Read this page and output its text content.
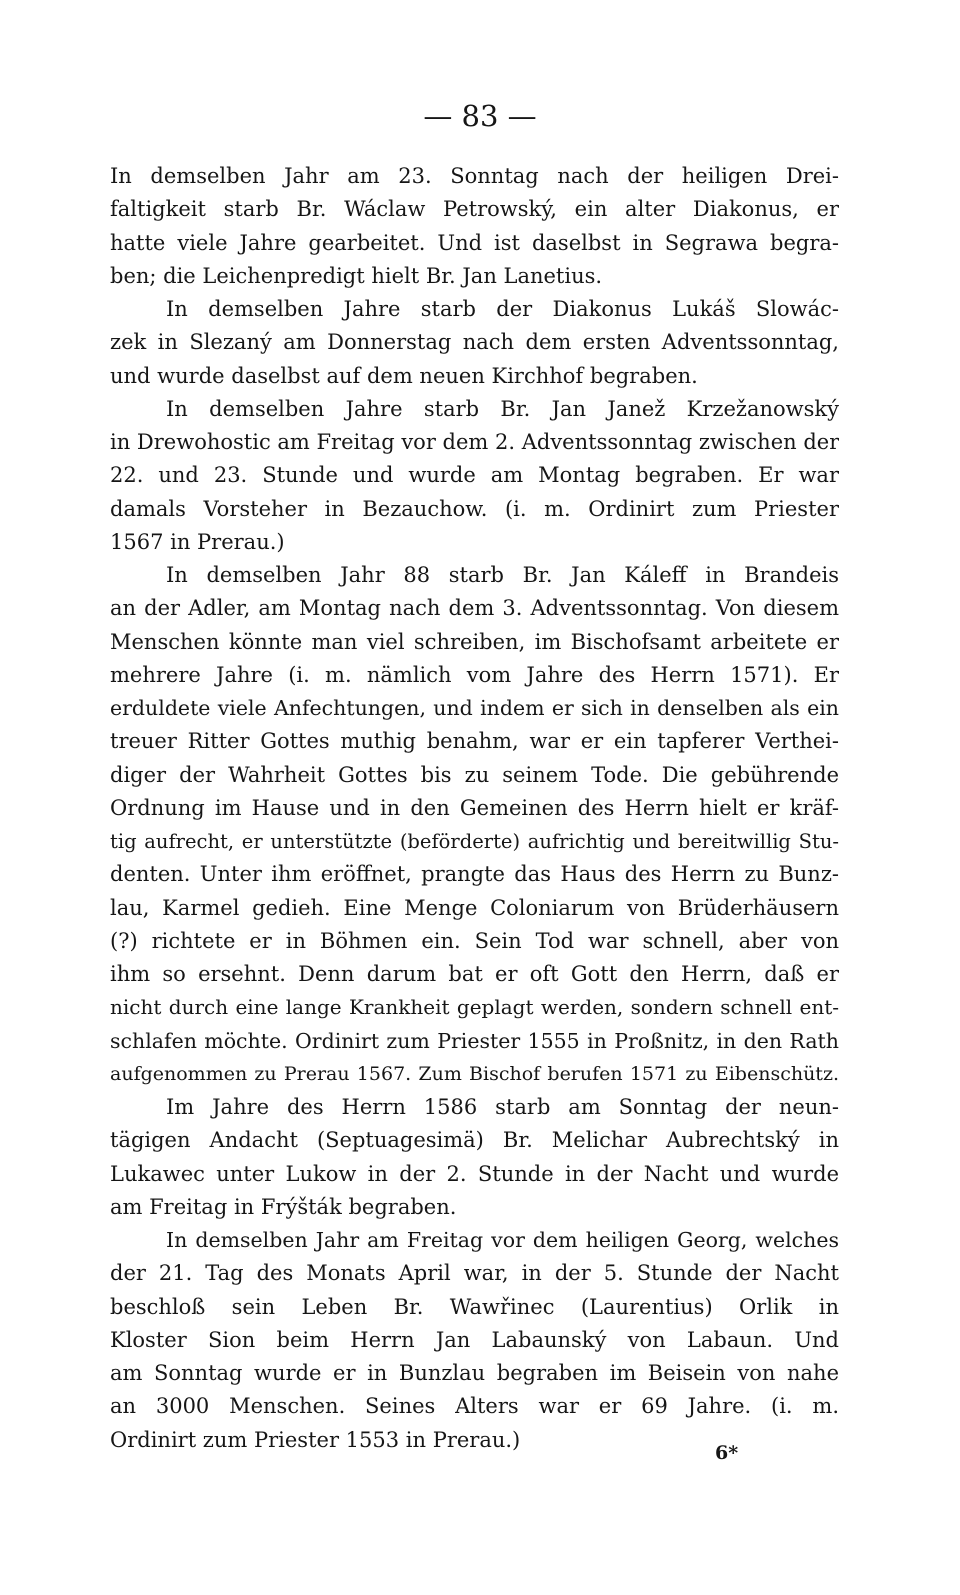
— 83 —
In demselben Jahr am 23. Sonntag nach der heiligen Drei-
faltigkeit starb Br. Wáclaw Petrowský, ein alter Diakonus, er
hatte viele Jahre gearbeitet. Und ist daselbst in Segrawa begra-
ben; die Leichenpredigt hielt Br. Jan Lanetius.
In demselben Jahre starb der Diakonus Lukáš Slowác-
zek in Slezaný am Donnerstag nach dem ersten Adventssonntag,
und wurde daselbst auf dem neuen Kirchhof begraben.
In demselben Jahre starb Br. Jan Janež Krzežanowský
in Drewohostic am Freitag vor dem 2. Adventssonntag zwischen der
22. und 23. Stunde und wurde am Montag begraben. Er war
damals Vorsteher in Bezauchow. (i. m. Ordinirt zum Priester
1567 in Prerau.)
In demselben Jahr 88 starb Br. Jan Káleff in Brandeis
an der Adler, am Montag nach dem 3. Adventssonntag. Von diesem
Menschen könnte man viel schreiben, im Bischofsamt arbeitete er
mehrere Jahre (i. m. nämlich vom Jahre des Herrn 1571). Er
erduldete viele Anfechtungen, und indem er sich in denselben als ein
treuer Ritter Gottes muthig benahm, war er ein tapferer Verthei-
diger der Wahrheit Gottes bis zu seinem Tode. Die gebührende
Ordnung im Hause und in den Gemeinen des Herrn hielt er kräf-
tig aufrecht, er unterstützte (beförderte) aufrichtig und bereitwillig Stu-
denten. Unter ihm eröffnet, prangte das Haus des Herrn zu Bunz-
lau, Karmel gedieh. Eine Menge Coloniarum von Brüderhäusern
(?) richtete er in Böhmen ein. Sein Tod war schnell, aber von
ihm so ersehnt. Denn darum bat er oft Gott den Herrn, daß er
nicht durch eine lange Krankheit geplagt werden, sondern schnell ent-
schlafen möchte. Ordinirt zum Priester 1555 in Proßnitz, in den Rath
aufgenommen zu Prerau 1567. Zum Bischof berufen 1571 zu Eibenschütz.
Im Jahre des Herrn 1586 starb am Sonntag der neun-
tägigen Andacht (Septuagesimä) Br. Melichar Aubrechtský in
Lukawec unter Lukow in der 2. Stunde in der Nacht und wurde
am Freitag in Frýšták begraben.
In demselben Jahr am Freitag vor dem heiligen Georg, welches
der 21. Tag des Monats April war, in der 5. Stunde der Nacht
beschloß sein Leben Br. Wawřinec (Laurentius) Orlik in
Kloster Sion beim Herrn Jan Labaunský von Labaun. Und
am Sonntag wurde er in Bunzlau begraben im Beisein von nahe
an 3000 Menschen. Seines Alters war er 69 Jahre. (i. m.
Ordinirt zum Priester 1553 in Prerau.)
6*
